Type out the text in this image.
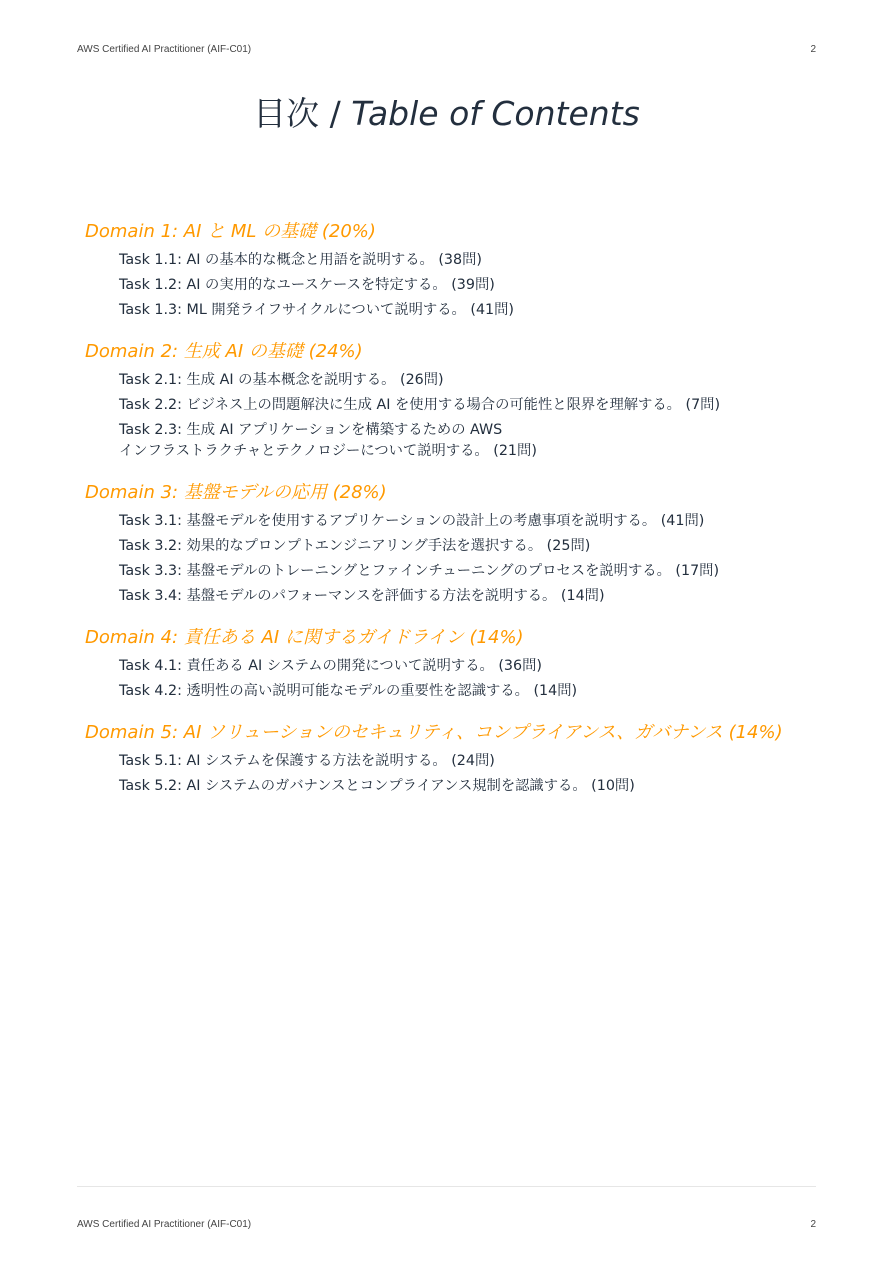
AWS Certified AI Practitioner (AIF-C01)	2
目次 / Table of Contents
Domain 1: AI と ML の基礎 (20%)
Task 1.1: AI の基本的な概念と用語を説明する。 (38問)
Task 1.2: AI の実用的なユースケースを特定する。 (39問)
Task 1.3: ML 開発ライフサイクルについて説明する。 (41問)
Domain 2: 生成 AI の基礎 (24%)
Task 2.1: 生成 AI の基本概念を説明する。 (26問)
Task 2.2: ビジネス上の問題解決に生成 AI を使用する場合の可能性と限界を理解する。 (7問)
Task 2.3: 生成 AI アプリケーションを構築するための AWS
インフラストラクチャとテクノロジーについて説明する。 (21問)
Domain 3: 基盤モデルの応用 (28%)
Task 3.1: 基盤モデルを使用するアプリケーションの設計上の考慮事項を説明する。 (41問)
Task 3.2: 効果的なプロンプトエンジニアリング手法を選択する。 (25問)
Task 3.3: 基盤モデルのトレーニングとファインチューニングのプロセスを説明する。 (17問)
Task 3.4: 基盤モデルのパフォーマンスを評価する方法を説明する。 (14問)
Domain 4: 責任ある AI に関するガイドライン (14%)
Task 4.1: 責任ある AI システムの開発について説明する。 (36問)
Task 4.2: 透明性の高い説明可能なモデルの重要性を認識する。 (14問)
Domain 5: AI ソリューションのセキュリティ、コンプライアンス、ガバナンス (14%)
Task 5.1: AI システムを保護する方法を説明する。 (24問)
Task 5.2: AI システムのガバナンスとコンプライアンス規制を認識する。 (10問)
AWS Certified AI Practitioner (AIF-C01)	2
